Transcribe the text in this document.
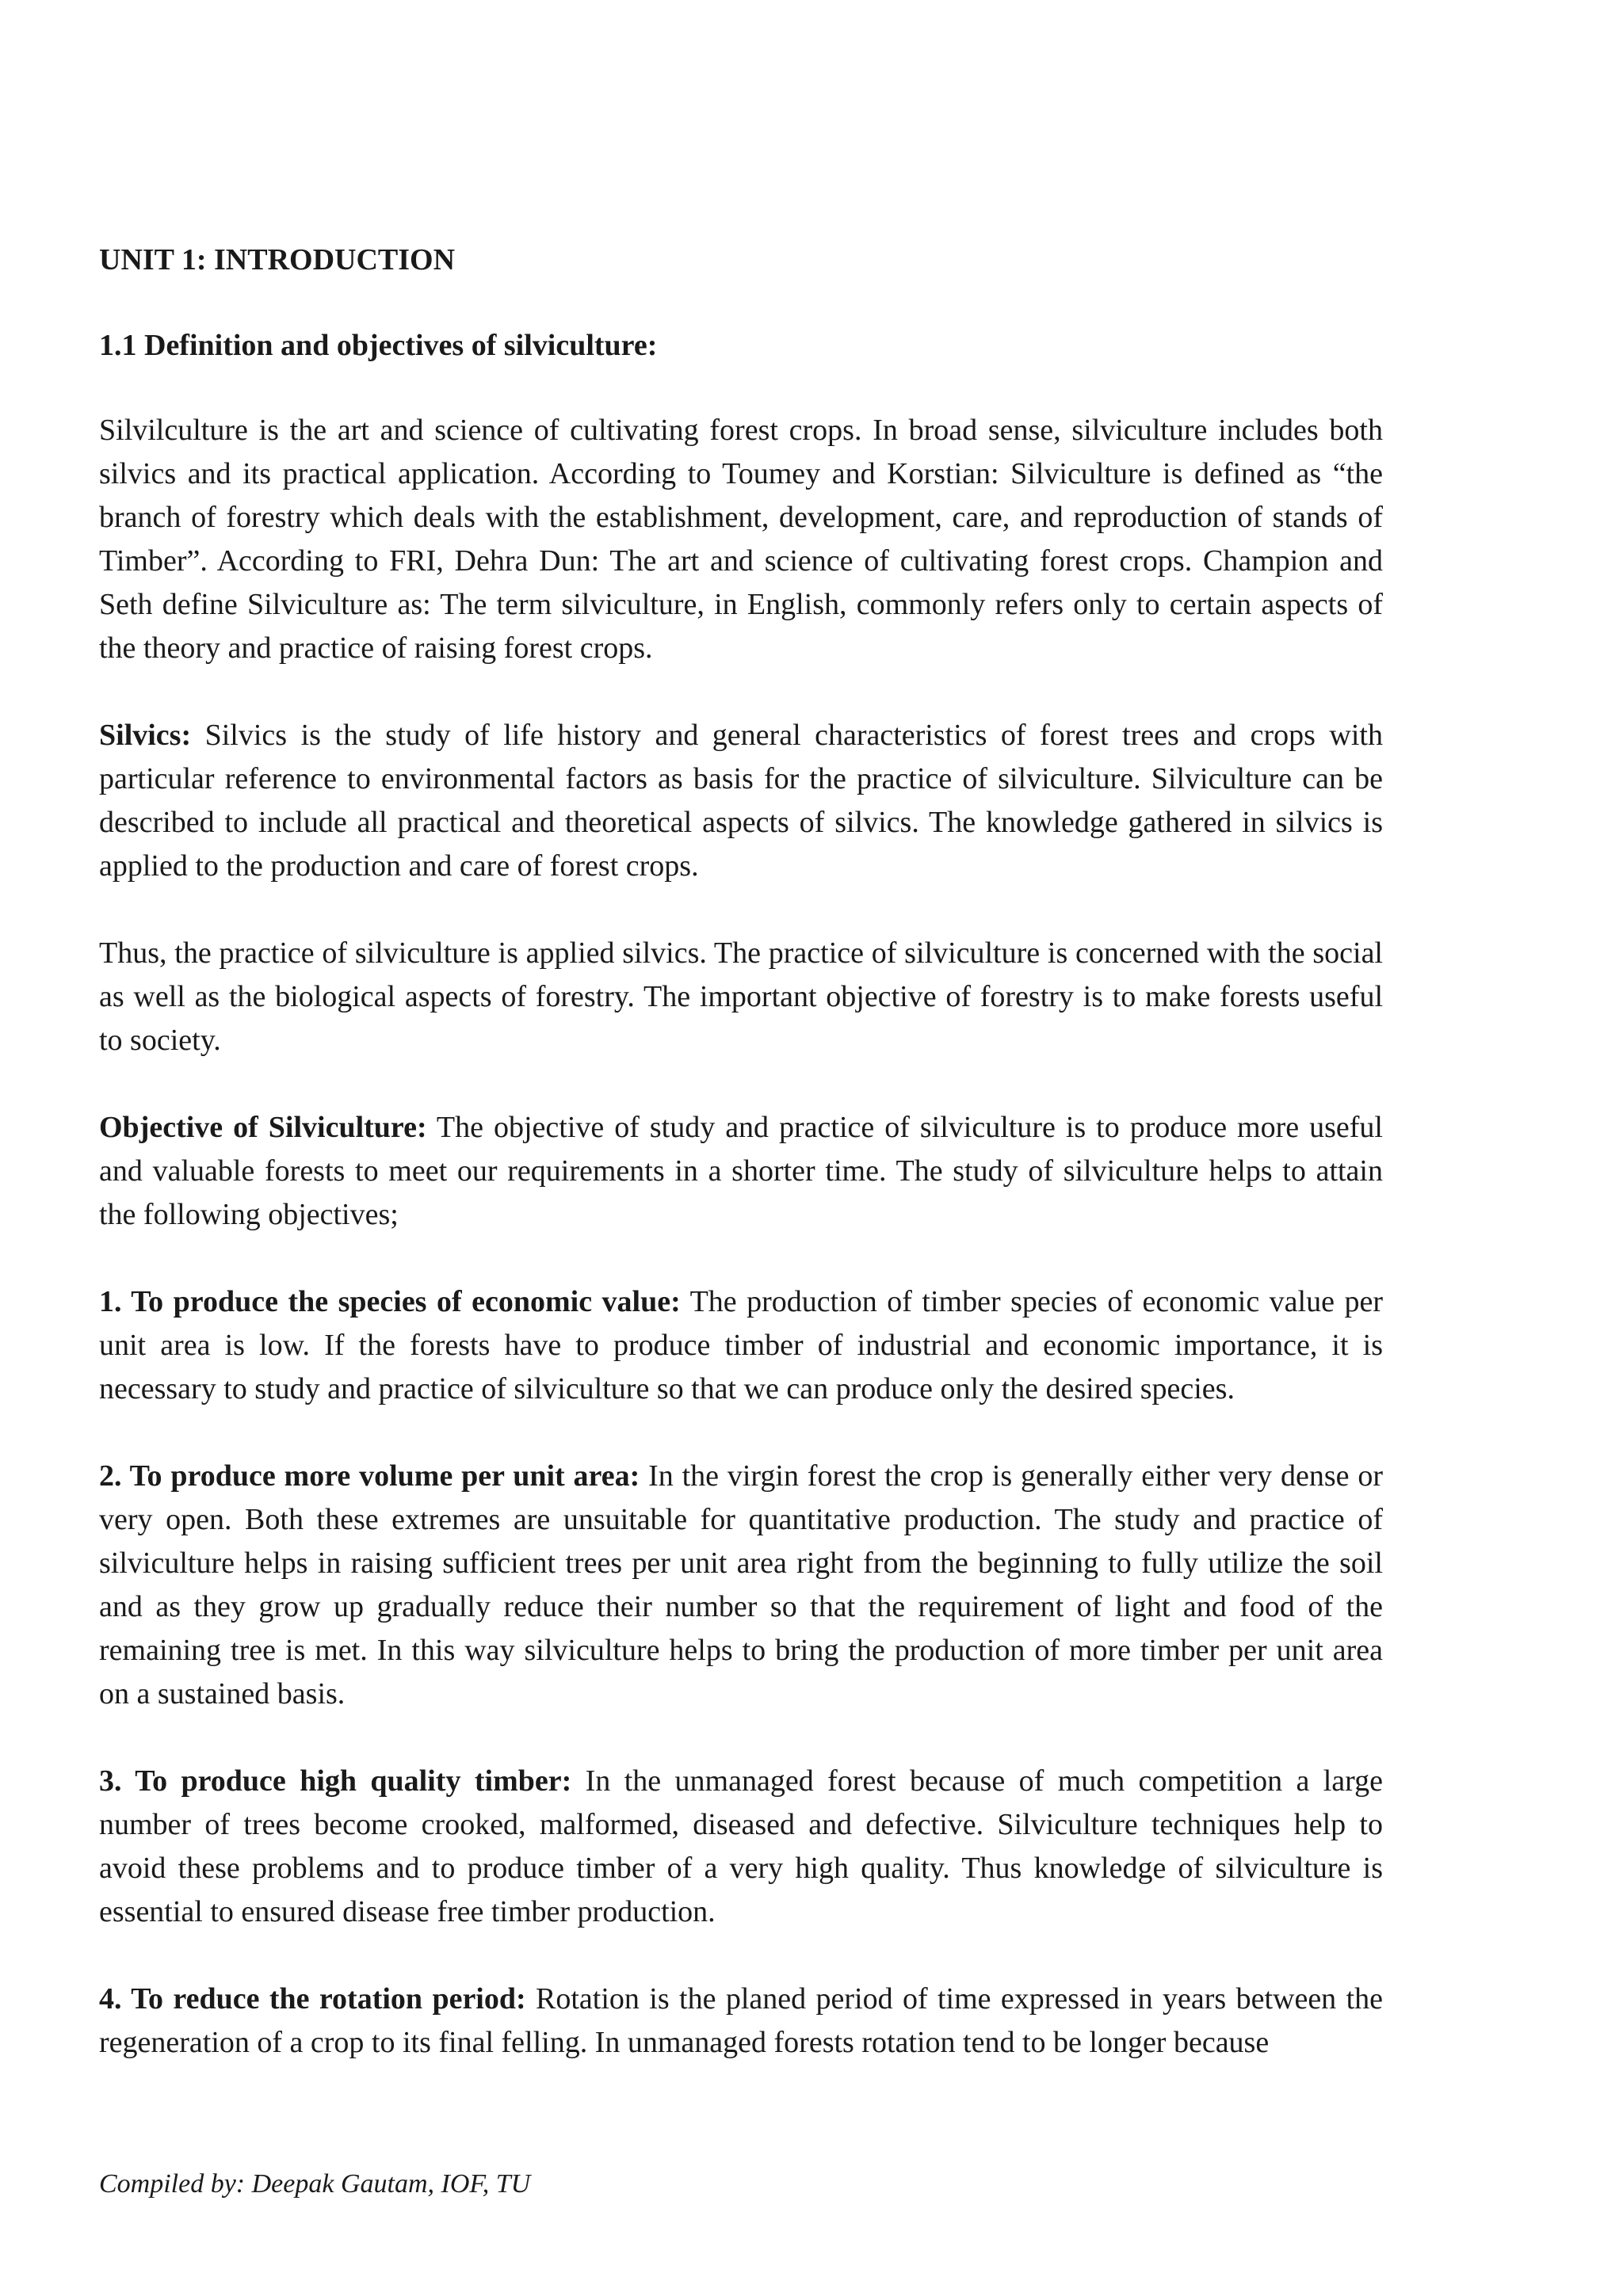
UNIT 1: INTRODUCTION
1.1 Definition and objectives of silviculture:

Silvilculture is the art and science of cultivating forest crops. In broad sense, silviculture includes both silvics and its practical application. According to Toumey and Korstian: Silviculture is defined as “the branch of forestry which deals with the establishment, development, care, and reproduction of stands of Timber”. According to FRI, Dehra Dun: The art and science of cultivating forest crops. Champion and Seth define Silviculture as: The term silviculture, in English, commonly refers only to certain aspects of the theory and practice of raising forest crops.

Silvics: Silvics is the study of life history and general characteristics of forest trees and crops with particular reference to environmental factors as basis for the practice of silviculture. Silviculture can be described to include all practical and theoretical aspects of silvics. The knowledge gathered in silvics is applied to the production and care of forest crops.

Thus, the practice of silviculture is applied silvics. The practice of silviculture is concerned with the social as well as the biological aspects of forestry. The important objective of forestry is to make forests useful to society.

Objective of Silviculture: The objective of study and practice of silviculture is to produce more useful and valuable forests to meet our requirements in a shorter time. The study of silviculture helps to attain the following objectives;

1. To produce the species of economic value: The production of timber species of economic value per unit area is low. If the forests have to produce timber of industrial and economic importance, it is necessary to study and practice of silviculture so that we can produce only the desired species.

2. To produce more volume per unit area: In the virgin forest the crop is generally either very dense or very open. Both these extremes are unsuitable for quantitative production. The study and practice of silviculture helps in raising sufficient trees per unit area right from the beginning to fully utilize the soil and as they grow up gradually reduce their number so that the requirement of light and food of the remaining tree is met. In this way silviculture helps to bring the production of more timber per unit area on a sustained basis.

3. To produce high quality timber: In the unmanaged forest because of much competition a large number of trees become crooked, malformed, diseased and defective. Silviculture techniques help to avoid these problems and to produce timber of a very high quality. Thus knowledge of silviculture is essential to ensured disease free timber production.

4. To reduce the rotation period: Rotation is the planed period of time expressed in years between the regeneration of a crop to its final felling. In unmanaged forests rotation tend to be longer because

Compiled by: Deepak Gautam, IOF, TU
